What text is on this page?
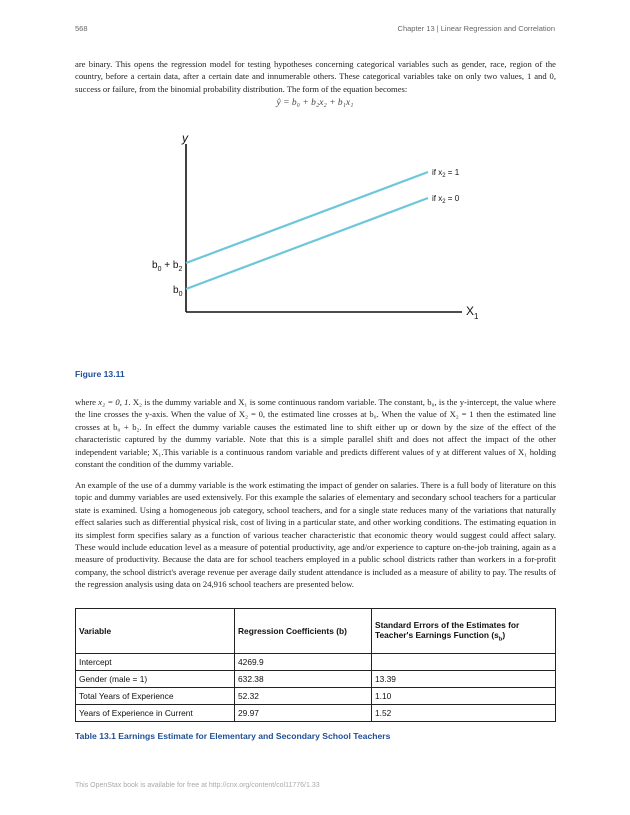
568	Chapter 13 | Linear Regression and Correlation

are binary. This opens the regression model for testing hypotheses concerning categorical variables such as gender, race, region of the country, before a certain data, after a certain date and innumerable others. These categorical variables take on only two values, 1 and 0, success or failure, from the binomial probability distribution. The form of the equation becomes:

ŷ = b₀ + b₂x₂ + b₁x₁
y
$X_1$
$b_0 + b_2$
$b_0$
if $x_2 = 1$
if $x_2 = 0$
Figure 13.11

where x₂ = 0, 1. X₂ is the dummy variable and X₁ is some continuous random variable. The constant, b₀, is the y-intercept, the value where the line crosses the y-axis. When the value of X₂ = 0, the estimated line crosses at b₀. When the value of X₂ = 1 then the estimated line crosses at b₀ + b₂. In effect the dummy variable causes the estimated line to shift either up or down by the size of the effect of the characteristic captured by the dummy variable. Note that this is a simple parallel shift and does not affect the impact of the other independent variable; X₁.This variable is a continuous random variable and predicts different values of y at different values of X₁ holding constant the condition of the dummy variable.

An example of the use of a dummy variable is the work estimating the impact of gender on salaries. There is a full body of literature on this topic and dummy variables are used extensively. For this example the salaries of elementary and secondary school teachers for a particular state is examined. Using a homogeneous job category, school teachers, and for a single state reduces many of the variations that naturally effect salaries such as differential physical risk, cost of living in a particular state, and other working conditions. The estimating equation in its simplest form specifies salary as a function of various teacher characteristic that economic theory would suggest could affect salary. These would include education level as a measure of potential productivity, age and/or experience to capture on-the-job training, again as a measure of productivity. Because the data are for school teachers employed in a public school districts rather than workers in a for-profit company, the school district's average revenue per average daily student attendance is included as a measure of ability to pay. The results of the regression analysis using data on 24,916 school teachers are presented below.

Variable	Regression Coefficients (b)	Standard Errors of the Estimates for Teacher's Earnings Function $(s_b)$
Intercept	4269.9	
Gender (male = 1)	632.38	13.39
Total Years of Experience	52.32	1.10
Years of Experience in Current	29.97	1.52
Table 13.1 Earnings Estimate for Elementary and Secondary School Teachers
This OpenStax book is available for free at http://cnx.org/content/col11776/1.33
